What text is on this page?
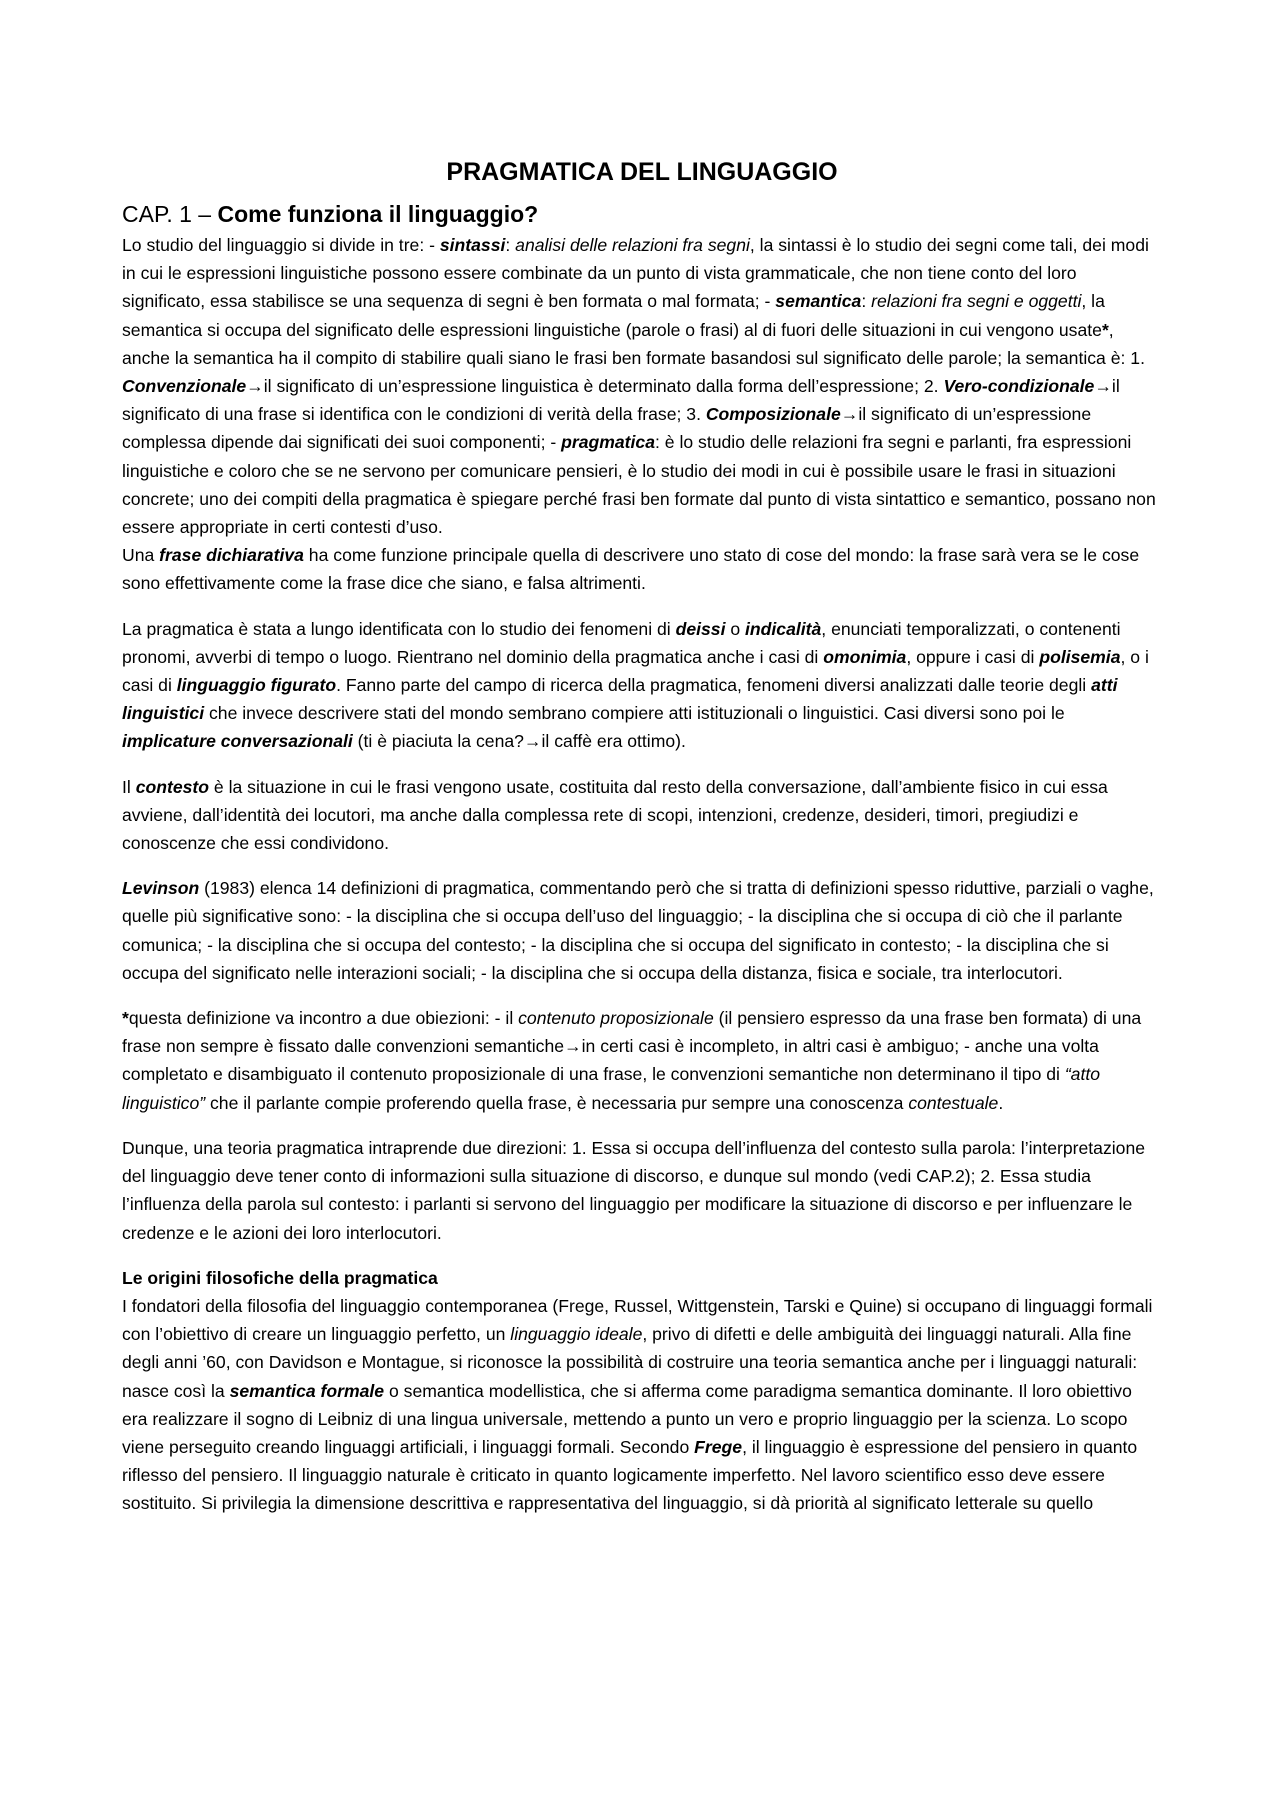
PRAGMATICA DEL LINGUAGGIO
CAP. 1 – Come funziona il linguaggio?

Lo studio del linguaggio si divide in tre: - sintassi: analisi delle relazioni fra segni, la sintassi è lo studio dei segni come tali, dei modi in cui le espressioni linguistiche possono essere combinate da un punto di vista grammaticale, che non tiene conto del loro significato, essa stabilisce se una sequenza di segni è ben formata o mal formata; - semantica: relazioni fra segni e oggetti, la semantica si occupa del significato delle espressioni linguistiche (parole o frasi) al di fuori delle situazioni in cui vengono usate*, anche la semantica ha il compito di stabilire quali siano le frasi ben formate basandosi sul significato delle parole; la semantica è: 1. Convenzionale→il significato di un’espressione linguistica è determinato dalla forma dell’espressione; 2. Vero-condizionale→il significato di una frase si identifica con le condizioni di verità della frase; 3. Composizionale→il significato di un’espressione complessa dipende dai significati dei suoi componenti; - pragmatica: è lo studio delle relazioni fra segni e parlanti, fra espressioni linguistiche e coloro che se ne servono per comunicare pensieri, è lo studio dei modi in cui è possibile usare le frasi in situazioni concrete; uno dei compiti della pragmatica è spiegare perché frasi ben formate dal punto di vista sintattico e semantico, possano non essere appropriate in certi contesti d’uso.

Una frase dichiarativa ha come funzione principale quella di descrivere uno stato di cose del mondo: la frase sarà vera se le cose sono effettivamente come la frase dice che siano, e falsa altrimenti.

La pragmatica è stata a lungo identificata con lo studio dei fenomeni di deissi o indicalità, enunciati temporalizzati, o contenenti pronomi, avverbi di tempo o luogo. Rientrano nel dominio della pragmatica anche i casi di omonimia, oppure i casi di polisemia, o i casi di linguaggio figurato. Fanno parte del campo di ricerca della pragmatica, fenomeni diversi analizzati dalle teorie degli atti linguistici che invece descrivere stati del mondo sembrano compiere atti istituzionali o linguistici. Casi diversi sono poi le implicature conversazionali (ti è piaciuta la cena?→il caffè era ottimo).

Il contesto è la situazione in cui le frasi vengono usate, costituita dal resto della conversazione, dall’ambiente fisico in cui essa avviene, dall’identità dei locutori, ma anche dalla complessa rete di scopi, intenzioni, credenze, desideri, timori, pregiudizi e conoscenze che essi condividono.

Levinson (1983) elenca 14 definizioni di pragmatica, commentando però che si tratta di definizioni spesso riduttive, parziali o vaghe, quelle più significative sono: - la disciplina che si occupa dell’uso del linguaggio; - la disciplina che si occupa di ciò che il parlante comunica; - la disciplina che si occupa del contesto; - la disciplina che si occupa del significato in contesto; - la disciplina che si occupa del significato nelle interazioni sociali; - la disciplina che si occupa della distanza, fisica e sociale, tra interlocutori.

*questa definizione va incontro a due obiezioni: - il contenuto proposizionale (il pensiero espresso da una frase ben formata) di una frase non sempre è fissato dalle convenzioni semantiche→in certi casi è incompleto, in altri casi è ambiguo; - anche una volta completato e disambiguato il contenuto proposizionale di una frase, le convenzioni semantiche non determinano il tipo di “atto linguistico” che il parlante compie proferendo quella frase, è necessaria pur sempre una conoscenza contestuale.

Dunque, una teoria pragmatica intraprende due direzioni: 1. Essa si occupa dell’influenza del contesto sulla parola: l’interpretazione del linguaggio deve tener conto di informazioni sulla situazione di discorso, e dunque sul mondo (vedi CAP.2); 2. Essa studia l’influenza della parola sul contesto: i parlanti si servono del linguaggio per modificare la situazione di discorso e per influenzare le credenze e le azioni dei loro interlocutori.

Le origini filosofiche della pragmatica

I fondatori della filosofia del linguaggio contemporanea (Frege, Russel, Wittgenstein, Tarski e Quine) si occupano di linguaggi formali con l’obiettivo di creare un linguaggio perfetto, un linguaggio ideale, privo di difetti e delle ambiguità dei linguaggi naturali. Alla fine degli anni ’60, con Davidson e Montague, si riconosce la possibilità di costruire una teoria semantica anche per i linguaggi naturali: nasce così la semantica formale o semantica modellistica, che si afferma come paradigma semantica dominante. Il loro obiettivo era realizzare il sogno di Leibniz di una lingua universale, mettendo a punto un vero e proprio linguaggio per la scienza. Lo scopo viene perseguito creando linguaggi artificiali, i linguaggi formali. Secondo Frege, il linguaggio è espressione del pensiero in quanto riflesso del pensiero. Il linguaggio naturale è criticato in quanto logicamente imperfetto. Nel lavoro scientifico esso deve essere sostituito. Si privilegia la dimensione descrittiva e rappresentativa del linguaggio, si dà priorità al significato letterale su quello
